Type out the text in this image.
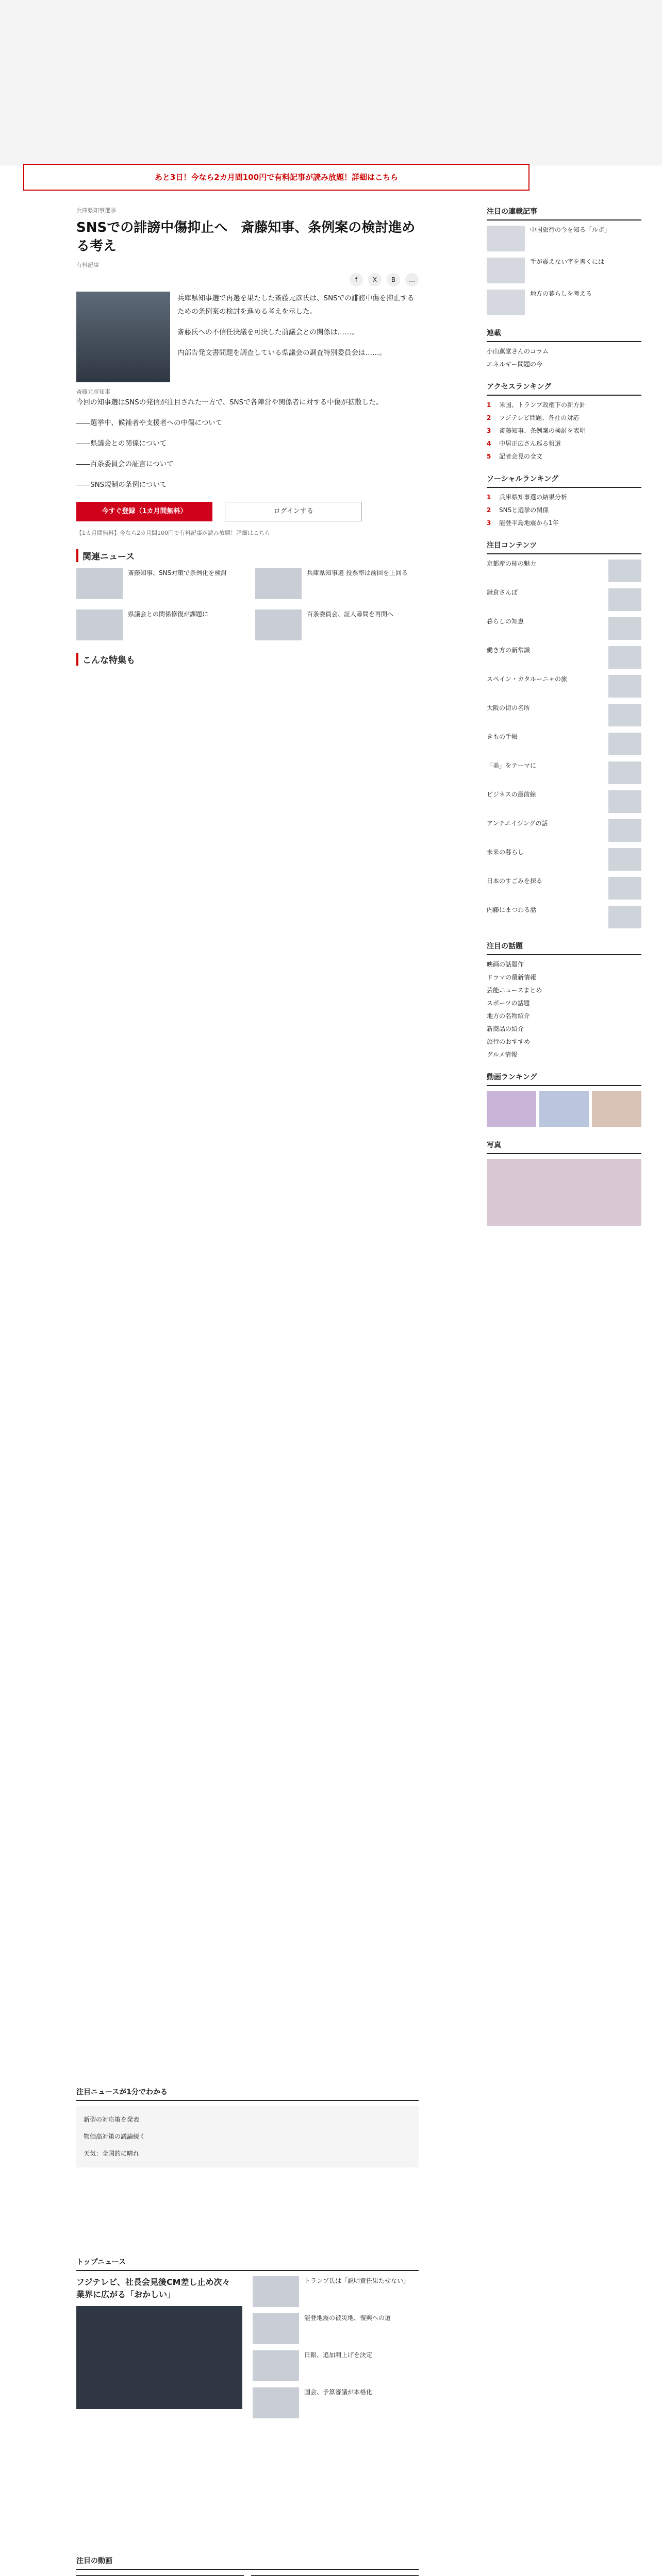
あと3日！今なら2カ月間100円で有料記事が読み放題！詳細はこちら
兵庫県知事選挙
SNSでの誹謗中傷抑止へ　斎藤知事、条例案の検討進める考え
有料記事
f	X	B	…

兵庫県知事選で再選を果たした斎藤元彦氏は、SNSでの誹謗中傷を抑止するための条例案の検討を進める考えを示した。

斎藤氏への不信任決議を可決した前議会との関係は……。

内部告発文書問題を調査している県議会の調査特別委員会は……。

斎藤元彦知事

今回の知事選はSNSの発信が注目された一方で、SNSで各陣営や関係者に対する中傷が拡散した。

――選挙中、候補者や支援者への中傷について

――県議会との関係について

――百条委員会の証言について

――SNS規制の条例について

今すぐ登録（1カ月間無料）	ログインする
【1カ月間無料】今なら2カ月間100円で有料記事が読み放題！詳細はこちら
関連ニュース
斎藤知事、SNS対策で条例化を検討	兵庫県知事選 投票率は前回を上回る
県議会との関係修復が課題に	百条委員会、証人尋問を再開へ
こんな特集も
注目ニュースが1分でわかる
新型の対応策を発表
物価高対策の議論続く
天気：全国的に晴れ
トップニュース
フジテレビ、社長会見後CM差し止め次々　業界に広がる「おかしい」
トランプ氏は「説明責任果たせない」
能登地震の被災地、復興への道
日銀、追加利上げを決定
国会、予算審議が本格化
注目の動画
注目の連載記事
中国旅行の今を知る「ルポ」
手が震えない字を書くには
地方の暮らしを考える
連載
小山薫堂さんのコラム
エネルギー問題の今
アクセスランキング
1	米国、トランプ政権下の新方針
2	フジテレビ問題、各社の対応
3	斎藤知事、条例案の検討を表明
4	中居正広さん巡る報道
5	記者会見の全文
ソーシャルランキング
1	兵庫県知事選の結果分析
2	SNSと選挙の関係
3	能登半島地震から1年
注目コンテンツ
京都産の柿の魅力
鎌倉さんぽ
暮らしの知恵
働き方の新常識
スペイン・カタルーニャの旅
大阪の街の名所
きもの手帳
「美」をテーマに
ビジネスの最前線
アンチエイジングの話
未来の暮らし
日本のすごみを探る
内藤にまつわる話
注目の話題
映画の話題作
ドラマの最新情報
芸能ニュースまとめ
スポーツの話題
地方の名物紹介
新商品の紹介
旅行のおすすめ
グルメ情報
動画ランキング
写真
